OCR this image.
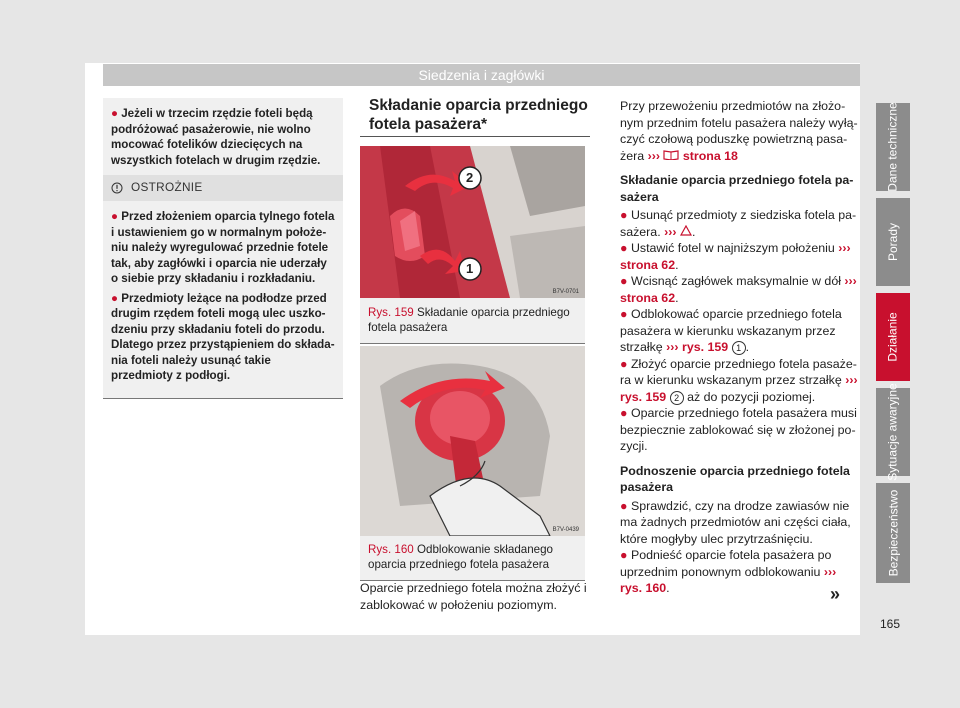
Siedzenia i zagłówki

● Jeżeli w trzecim rzędzie foteli będą podróżować pasażerowie, nie wolno mocować fotelików dziecięcych na wszystkich fotelach w drugim rzędzie.

OSTROŻNIE

● Przed złożeniem oparcia tylnego fotela i ustawieniem go w normalnym położeniu należy wyregulować przednie fotele tak, aby zagłówki i oparcia nie uderzały o siebie przy składaniu i rozkładaniu.

● Przedmioty leżące na podłodze przed drugim rzędem foteli mogą ulec uszkodzeniu przy składaniu foteli do przodu. Dlatego przez przystąpieniem do składania foteli należy usunąć takie przedmioty z podłogi.

Składanie oparcia przedniego fotela pasażera*
2
1
B7V-0701
Rys. 159 Składanie oparcia przedniego fotela pasażera
B7V-0439
Rys. 160 Odblokowanie składanego oparcia przedniego fotela pasażera
Oparcie przedniego fotela można złożyć i zablokować w położeniu poziomym.
Przy przewożeniu przedmiotów na złożonym przednim fotelu pasażera należy wyłączyć czołową poduszkę powietrzną pasażera ››› strona 18
Składanie oparcia przedniego fotela pasażera
● Usunąć przedmioty z siedziska fotela pasażera. ››› .
● Ustawić fotel w najniższym położeniu ››› strona 62.
● Wcisnąć zagłówek maksymalnie w dół ››› strona 62.
● Odblokować oparcie przedniego fotela pasażera w kierunku wskazanym przez strzałkę ››› rys. 159 1 .
● Złożyć oparcie przedniego fotela pasażera w kierunku wskazanym przez strzałkę ››› rys. 159 2 aż do pozycji poziomej.
● Oparcie przedniego fotela pasażera musi bezpiecznie zablokować się w złożonej pozycji.
Podnoszenie oparcia przedniego fotela pasażera
● Sprawdzić, czy na drodze zawiasów nie ma żadnych przedmiotów ani części ciała, które mogłyby ulec przytrzaśnięciu.
● Podnieść oparcie fotela pasażera po uprzednim ponownym odblokowaniu ››› rys. 160.	»
Dane techniczne
Porady
Działanie
Sytuacje awaryjne
Bezpieczeństwo
165
